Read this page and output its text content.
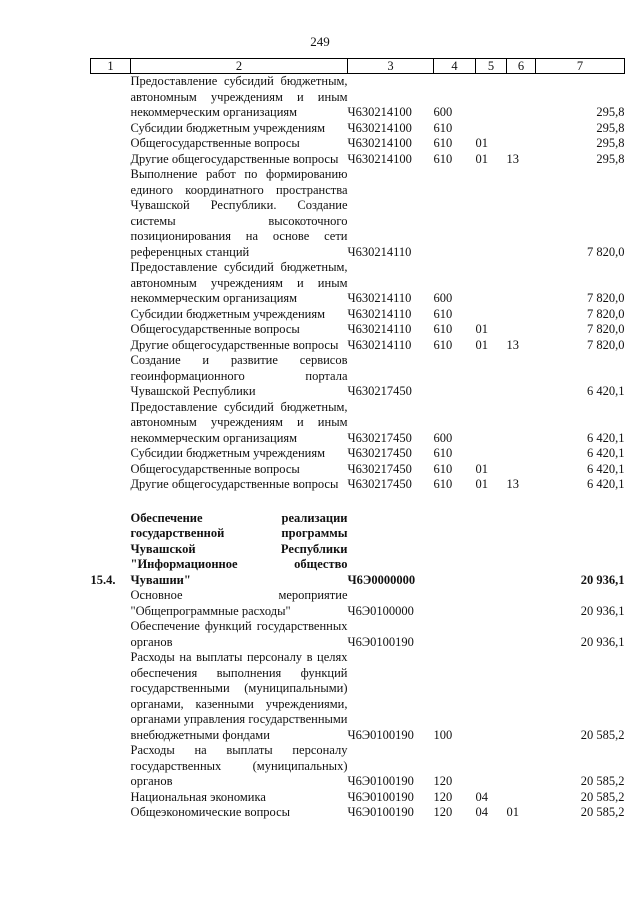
249
1	2	3	4	5	6	7
	Предоставление субсидий бюджетным, автономным учреждениям и иным некоммерческим организациям	Ч630214100	600			295,8
	Субсидии бюджетным учреждениям	Ч630214100	610			295,8
	Общегосударственные вопросы	Ч630214100	610	01		295,8
	Другие общегосударственные вопросы	Ч630214100	610	01	13	295,8
	Выполнение работ по формированию единого координатного пространства Чувашской Республики. Создание системы высокоточного позиционирования на основе сети референцных станций	Ч630214110				7 820,0
	Предоставление субсидий бюджетным, автономным учреждениям и иным некоммерческим организациям	Ч630214110	600			7 820,0
	Субсидии бюджетным учреждениям	Ч630214110	610			7 820,0
	Общегосударственные вопросы	Ч630214110	610	01		7 820,0
	Другие общегосударственные вопросы	Ч630214110	610	01	13	7 820,0
	Создание и развитие сервисов геоинформационного портала Чувашской Республики	Ч630217450				6 420,1
	Предоставление субсидий бюджетным, автономным учреждениям и иным некоммерческим организациям	Ч630217450	600			6 420,1
	Субсидии бюджетным учреждениям	Ч630217450	610			6 420,1
	Общегосударственные вопросы	Ч630217450	610	01		6 420,1
	Другие общегосударственные вопросы	Ч630217450	610	01	13	6 420,1

15.4.	Обеспечение реализации государственной программы Чувашской Республики "Информационное общество Чувашии"	Ч6Э0000000				20 936,1
	Основное мероприятие "Общепрограммные расходы"	Ч6Э0100000				20 936,1
	Обеспечение функций государственных органов	Ч6Э0100190				20 936,1
	Расходы на выплаты персоналу в целях обеспечения выполнения функций государственными (муниципальными) органами, казенными учреждениями, органами управления государственными внебюджетными фондами	Ч6Э0100190	100			20 585,2
	Расходы на выплаты персоналу государственных (муниципальных) органов	Ч6Э0100190	120			20 585,2
	Национальная экономика	Ч6Э0100190	120	04		20 585,2
	Общеэкономические вопросы	Ч6Э0100190	120	04	01	20 585,2
